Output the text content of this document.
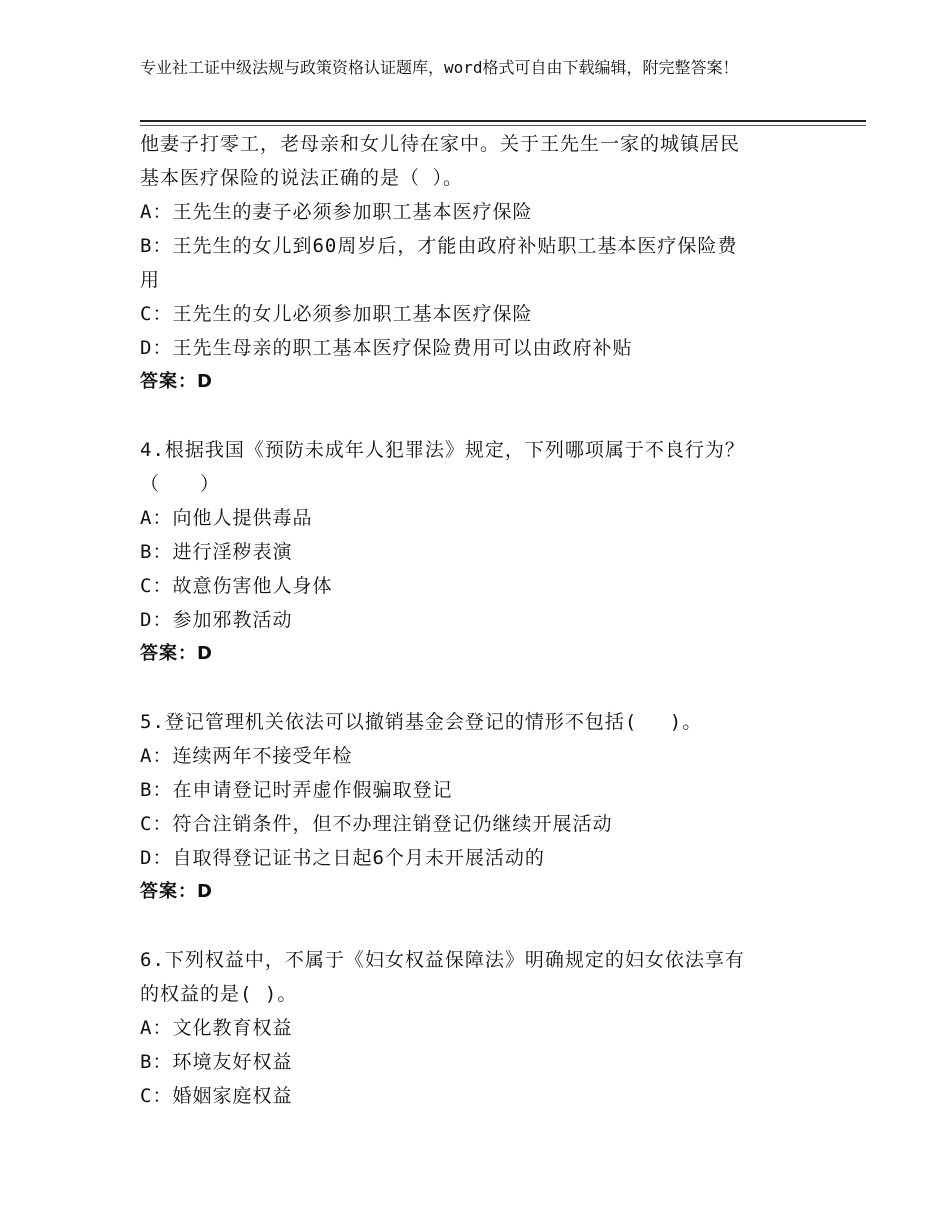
专业社工证中级法规与政策资格认证题库，word格式可自由下载编辑，附完整答案！
他妻子打零工，老母亲和女儿待在家中。关于王先生一家的城镇居民
基本医疗保险的说法正确的是（ ）。
A：王先生的妻子必须参加职工基本医疗保险
B：王先生的女儿到60周岁后，才能由政府补贴职工基本医疗保险费
用
C：王先生的女儿必须参加职工基本医疗保险
D：王先生母亲的职工基本医疗保险费用可以由政府补贴
答案：D
4.根据我国《预防未成年人犯罪法》规定，下列哪项属于不良行为？
（　　）
A：向他人提供毒品
B：进行淫秽表演
C：故意伤害他人身体
D：参加邪教活动
答案：D
5.登记管理机关依法可以撤销基金会登记的情形不包括(　 )。
A：连续两年不接受年检
B：在申请登记时弄虚作假骗取登记
C：符合注销条件，但不办理注销登记仍继续开展活动
D：自取得登记证书之日起6个月未开展活动的
答案：D
6.下列权益中，不属于《妇女权益保障法》明确规定的妇女依法享有
的权益的是( )。
A：文化教育权益
B：环境友好权益
C：婚姻家庭权益
